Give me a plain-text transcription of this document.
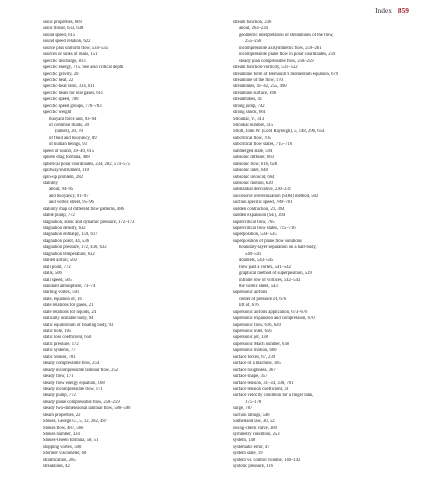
Index 859
sonic properties, 669
sonic throat, 633, 638
sound speed, 615
sound speed relation, 622
source plus uniform flow, 534–535
sources or sinks of mass, 151
specific discharge, 813
specific energy, 715. See also critical depth
specific gravity, 20
specific heat, 22
specific-heat ratio, 314, 611
specific heats for real gases, 611
specific speed, 780
specific speed groups, 778–783
specific weight
buoyant force and, 93–94
of common fluids, 20
(tables), 20, 70
of fluid and buoyancy, 89
of human beings, 93
speed of sound, 39–40, 615
sphere drag formula, 488
spherical polar coordinates, 234, 282, 574–575
spillway/instrument, 110
spin-up problem, 282
stability
about, 94–95
and buoyancy, 91–97
and vortex street, 95–96
stability map of different flow patterns, 486
stable pump, 772
stagnation, static and dynamic pressure, 172–173
stagnation density, 632
stagnation enthalpy, 159, 617
stagnation point, 44, 536
stagnation pressure, 172, 430, 632
stagnation temperature, 632
stalled airfoil, 502
stall point, 772
stalls, 506
stall speed, 505
standard atmosphere, 73–74
starting vortex, 501
state, equation of, 16
state relations for gases, 21
state relations for liquids, 24
statically unstable body, 94
static equilibrium of floating body, 93
static hole, 105
static loss coefficient, 650
static pressure, 172
static systems, 77
static Stokes, 781
steady compressible flow, 254
steady incompressible laminar flow, 252
steady flow, 171
steady flow energy equation, 168
steady incompressible flow, 171
steady pump, 772
steady plane compressible flow, 258–259
steady two-dimensional laminar flow, 588–590
steam properties, 22
Stokes, George G., 5, 12, 282, 487
Stokes flow, 487, 566
Stokes number, 334
Stokes-Oseen formula, 50, 51
stopping vortex, 500
Stormer viscometer, 60
stratification, 285
streaklines, 42
stream function, 236
about, 263–234
geometric interpretation of streamlines of the flow,
255–256
incompressible axisymmetric flow, 259–261
incompressible plane flow in polar coordinates, 259
steady plan compressible flow, 258–259
stream function-vorticity, 531–532
streamline form of Bernoulli’s momentum equation, 679
streamline of the flow, 170
streamlines, 41–42, 255, 490
streamline surface, 166
streamtubes, 41
strong jump, 742
strong shock, 661
Strouhal, V., 313
Strouhal number, 315
Strutt, John W. (Lord Rayleigh), 5, 148, 296, 654
subcritical flow, 705
subcritical flow states, 715–716
submerged state, 594
subsonic diffuser, 663
subsonic flow, 616, 620
subsonic inlet, 640
subsonic inviscid, 664
subsonic motion, 620
substantial derivative, 230–231
successive overrelaxation (SOR) method, 582
suction specific speed, 780–781
sudden contraction, 21, 394
sudden expansion (SE), 394
supercritical flow, 705
supercritical flow states, 715–716
superposition, 534–535
superposition of plane flow solutions
boundary-layer separation on a half-body,
540–541
doublets, 543–545
flow past a vortex, 541–542
graphical method of superposition, 539
infinite row of vortices, 542–543
the vortex sheet, 543
supersonic airfoils
center of pressure of, 676
lift of, 676
supersonic airfoils application, 673–676
supersonic expansion and compression, 670
supersonic flow, 616, 620
supersonic inlet, 656
supersonic jet, 138
supersonic Mach number, 638
supersonic motion, 660
surface forces, 67, 239
surface of a machine, 185
surface roughness, 367
surface shape, 357
surface tension, 31–34, 338, 701
surface tension coefficient, 31
surface velocity condition for a finger tank,
175–178
surge, 787
suction ratings, 540
Sutherland law, 30, 52
swing-check valve, 389
symmetry condition, 253
system, 140
systematic error, 47
system state, 19
system vs. control volume, 140–142
systolic pressure, 116
